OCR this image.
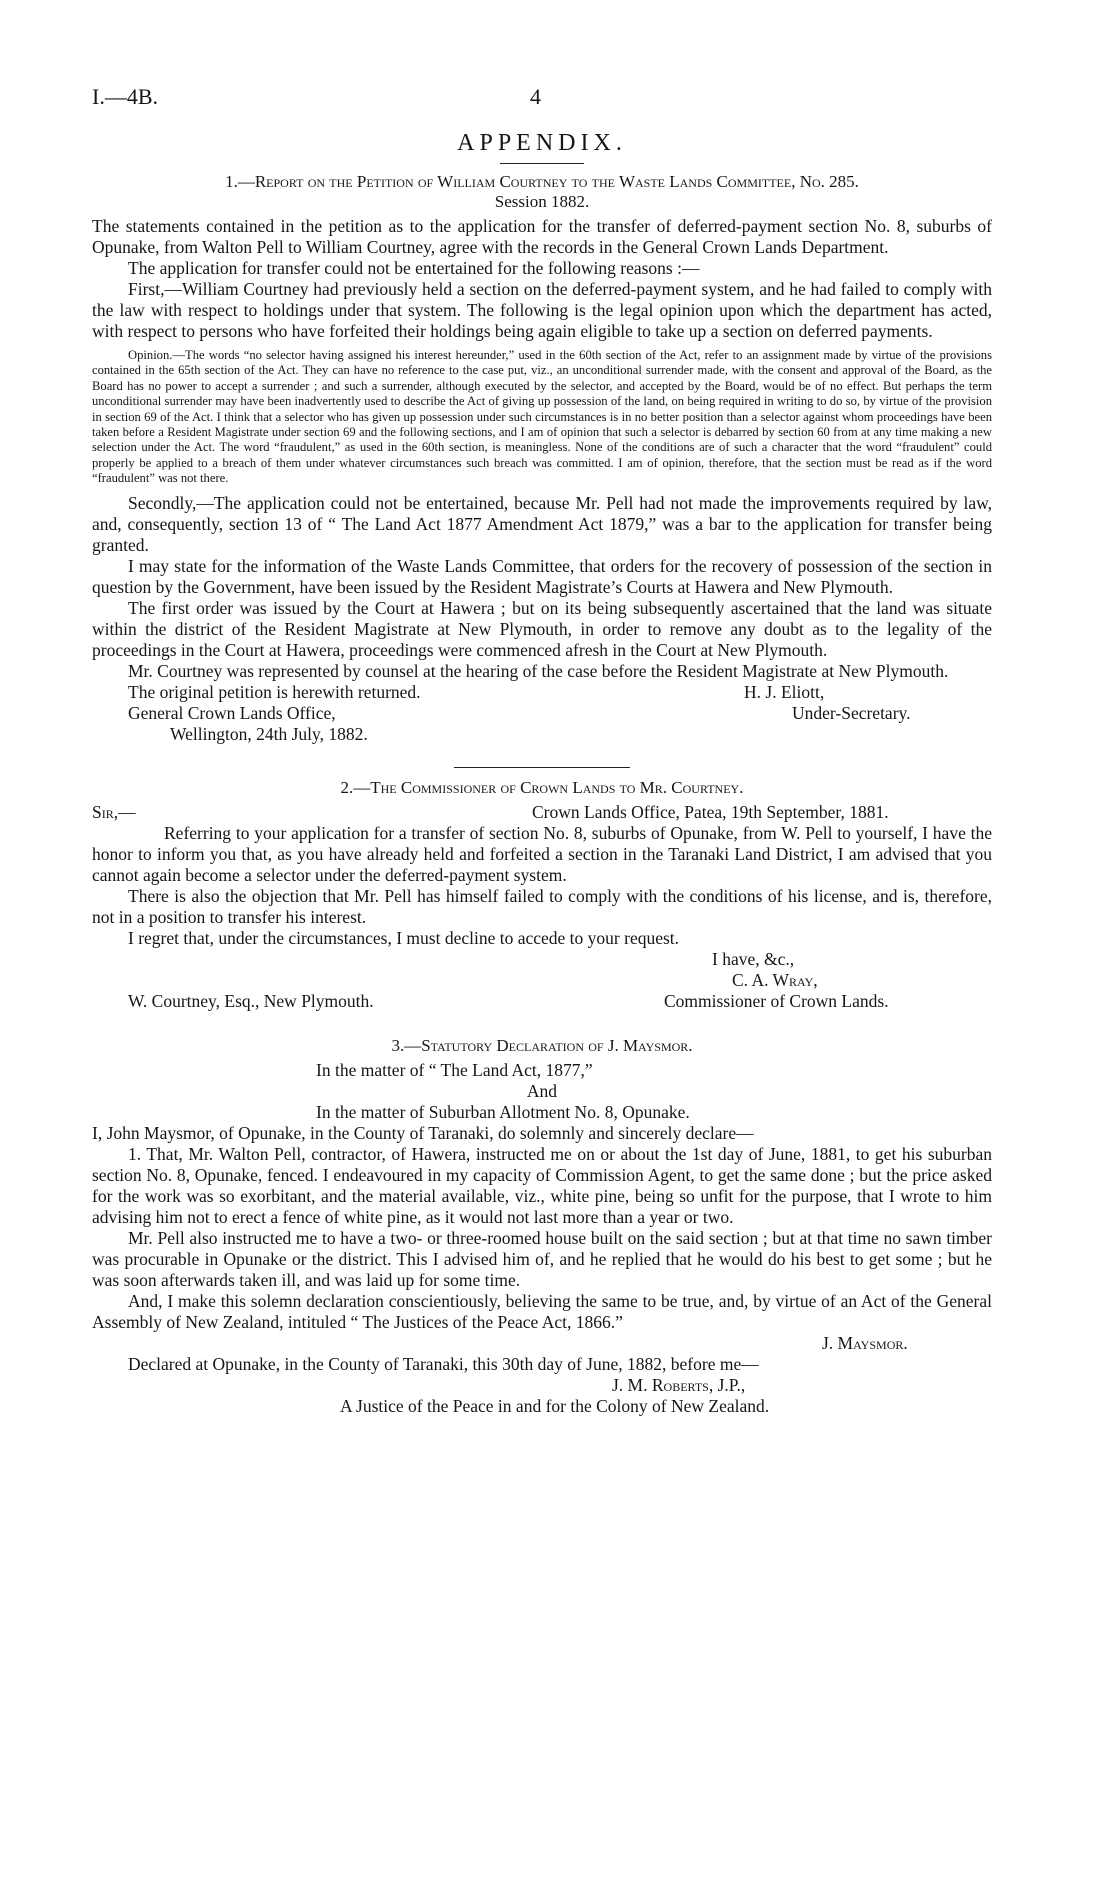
I.—4B.	4
APPENDIX.
1.—Report on the Petition of William Courtney to the Waste Lands Committee, No. 285.
Session 1882.

The statements contained in the petition as to the application for the transfer of deferred-payment section No. 8, suburbs of Opunake, from Walton Pell to William Courtney, agree with the records in the General Crown Lands Department.

The application for transfer could not be entertained for the following reasons :—

First,—William Courtney had previously held a section on the deferred-payment system, and he had failed to comply with the law with respect to holdings under that system. The following is the legal opinion upon which the department has acted, with respect to persons who have forfeited their holdings being again eligible to take up a section on deferred payments.

Opinion.—The words “no selector having assigned his interest hereunder,” used in the 60th section of the Act, refer to an assignment made by virtue of the provisions contained in the 65th section of the Act. They can have no reference to the case put, viz., an unconditional surrender made, with the consent and approval of the Board, as the Board has no power to accept a surrender ; and such a surrender, although executed by the selector, and accepted by the Board, would be of no effect. But perhaps the term unconditional surrender may have been inadvertently used to describe the Act of giving up possession of the land, on being required in writing to do so, by virtue of the provision in section 69 of the Act. I think that a selector who has given up possession under such circumstances is in no better position than a selector against whom proceedings have been taken before a Resident Magistrate under section 69 and the following sections, and I am of opinion that such a selector is debarred by section 60 from at any time making a new selection under the Act. The word “fraudulent,” as used in the 60th section, is meaningless. None of the conditions are of such a character that the word “fraudulent” could properly be applied to a breach of them under whatever circumstances such breach was committed. I am of opinion, therefore, that the section must be read as if the word “fraudulent” was not there.

Secondly,—The application could not be entertained, because Mr. Pell had not made the improvements required by law, and, consequently, section 13 of “ The Land Act 1877 Amendment Act 1879,” was a bar to the application for transfer being granted.

I may state for the information of the Waste Lands Committee, that orders for the recovery of possession of the section in question by the Government, have been issued by the Resident Magistrate’s Courts at Hawera and New Plymouth.

The first order was issued by the Court at Hawera ; but on its being subsequently ascertained that the land was situate within the district of the Resident Magistrate at New Plymouth, in order to remove any doubt as to the legality of the proceedings in the Court at Hawera, proceedings were commenced afresh in the Court at New Plymouth.

Mr. Courtney was represented by counsel at the hearing of the case before the Resident Magistrate at New Plymouth.

The original petition is herewith returned.	H. J. Eliott,
General Crown Lands Office,	Under-Secretary.
Wellington, 24th July, 1882.
2.—The Commissioner of Crown Lands to Mr. Courtney.
Sir,—	Crown Lands Office, Patea, 19th September, 1881.

Referring to your application for a transfer of section No. 8, suburbs of Opunake, from W. Pell to yourself, I have the honor to inform you that, as you have already held and forfeited a section in the Taranaki Land District, I am advised that you cannot again become a selector under the deferred-payment system.

There is also the objection that Mr. Pell has himself failed to comply with the conditions of his license, and is, therefore, not in a position to transfer his interest.

I regret that, under the circumstances, I must decline to accede to your request.

I have, &c.,
C. A. Wray,
W. Courtney, Esq., New Plymouth.	Commissioner of Crown Lands.
3.—Statutory Declaration of J. Maysmor.

In the matter of “ The Land Act, 1877,”

And

In the matter of Suburban Allotment No. 8, Opunake.

I, John Maysmor, of Opunake, in the County of Taranaki, do solemnly and sincerely declare—

1. That, Mr. Walton Pell, contractor, of Hawera, instructed me on or about the 1st day of June, 1881, to get his suburban section No. 8, Opunake, fenced. I endeavoured in my capacity of Commission Agent, to get the same done ; but the price asked for the work was so exorbitant, and the material available, viz., white pine, being so unfit for the purpose, that I wrote to him advising him not to erect a fence of white pine, as it would not last more than a year or two.

Mr. Pell also instructed me to have a two- or three-roomed house built on the said section ; but at that time no sawn timber was procurable in Opunake or the district. This I advised him of, and he replied that he would do his best to get some ; but he was soon afterwards taken ill, and was laid up for some time.

And, I make this solemn declaration conscientiously, believing the same to be true, and, by virtue of an Act of the General Assembly of New Zealand, intituled “ The Justices of the Peace Act, 1866.”

J. Maysmor.
Declared at Opunake, in the County of Taranaki, this 30th day of June, 1882, before me—
J. M. Roberts, J.P.,
A Justice of the Peace in and for the Colony of New Zealand.
